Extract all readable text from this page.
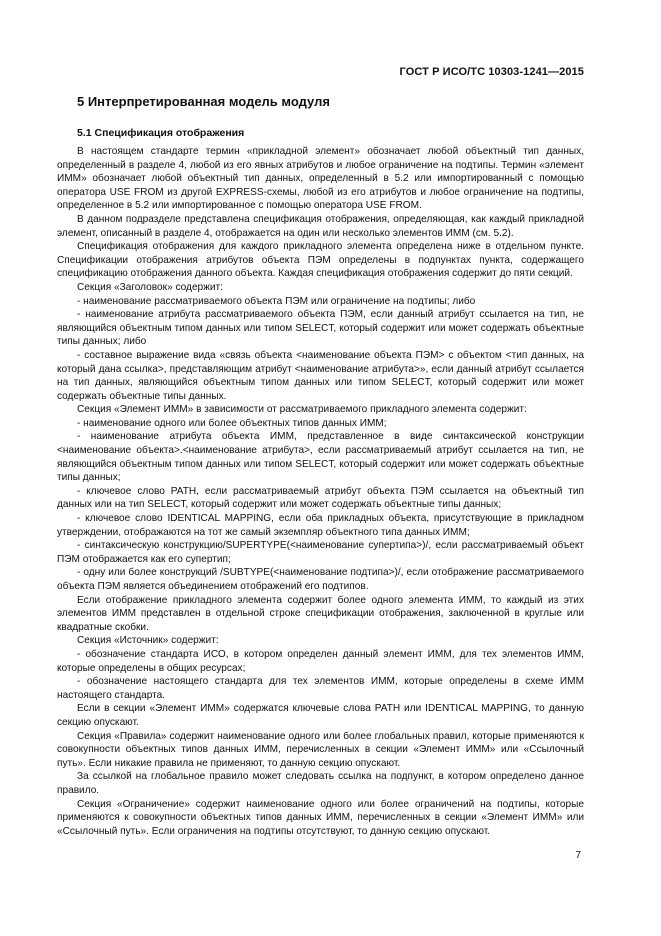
ГОСТ Р ИСО/ТС 10303-1241—2015
5 Интерпретированная модель модуля
5.1 Спецификация отображения

В настоящем стандарте термин «прикладной элемент» обозначает любой объектный тип данных, определенный в разделе 4, любой из его явных атрибутов и любое ограничение на подтипы. Термин «элемент ИММ» обозначает любой объектный тип данных, определенный в 5.2 или импортированный с помощью оператора USE FROM из другой EXPRESS-схемы, любой из его атрибутов и любое ограничение на подтипы, определенное в 5.2 или импортированное с помощью оператора USE FROM.

В данном подразделе представлена спецификация отображения, определяющая, как каждый прикладной элемент, описанный в разделе 4, отображается на один или несколько элементов ИММ (см. 5.2).

Спецификация отображения для каждого прикладного элемента определена ниже в отдельном пункте. Спецификации отображения атрибутов объекта ПЭМ определены в подпунктах пункта, содержащего спецификацию отображения данного объекта. Каждая спецификация отображения содержит до пяти секций.

Секция «Заголовок» содержит:

- наименование рассматриваемого объекта ПЭМ или ограничение на подтипы; либо

- наименование атрибута рассматриваемого объекта ПЭМ, если данный атрибут ссылается на тип, не являющийся объектным типом данных или типом SELECT, который содержит или может содержать объектные типы данных; либо

- составное выражение вида «связь объекта <наименование объекта ПЭМ> с объектом <тип данных, на который дана ссылка>, представляющим атрибут <наименование атрибута>», если данный атрибут ссылается на тип данных, являющийся объектным типом данных или типом SELECT, который содержит или может содержать объектные типы данных.

Секция «Элемент ИММ» в зависимости от рассматриваемого прикладного элемента содержит:

- наименование одного или более объектных типов данных ИММ;

- наименование атрибута объекта ИММ, представленное в виде синтаксической конструкции <наименование объекта>.<наименование атрибута>, если рассматриваемый атрибут ссылается на тип, не являющийся объектным типом данных или типом SELECT, который содержит или может содержать объектные типы данных;

- ключевое слово PATH, если рассматриваемый атрибут объекта ПЭМ ссылается на объектный тип данных или на тип SELECT, который содержит или может содержать объектные типы данных;

- ключевое слово IDENTICAL MAPPING, если оба прикладных объекта, присутствующие в прикладном утверждении, отображаются на тот же самый экземпляр объектного типа данных ИММ;

- синтаксическую конструкцию/SUPERTYPE(<наименование супертипа>)/, если рассматриваемый объект ПЭМ отображается как его супертип;

- одну или более конструкций /SUBTYPE(<наименование подтипа>)/, если отображение рассматриваемого объекта ПЭМ является объединением отображений его подтипов.

Если отображение прикладного элемента содержит более одного элемента ИММ, то каждый из этих элементов ИММ представлен в отдельной строке спецификации отображения, заключенной в круглые или квадратные скобки.

Секция «Источник» содержит:

- обозначение стандарта ИСО, в котором определен данный элемент ИММ, для тех элементов ИММ, которые определены в общих ресурсах;

- обозначение настоящего стандарта для тех элементов ИММ, которые определены в схеме ИММ настоящего стандарта.

Если в секции «Элемент ИММ» содержатся ключевые слова PATH или IDENTICAL MAPPING, то данную секцию опускают.

Секция «Правила» содержит наименование одного или более глобальных правил, которые применяются к совокупности объектных типов данных ИММ, перечисленных в секции «Элемент ИММ» или «Ссылочный путь». Если никакие правила не применяют, то данную секцию опускают.

За ссылкой на глобальное правило может следовать ссылка на подпункт, в котором определено данное правило.

Секция «Ограничение» содержит наименование одного или более ограничений на подтипы, которые применяются к совокупности объектных типов данных ИММ, перечисленных в секции «Элемент ИММ» или «Ссылочный путь». Если ограничения на подтипы отсутствуют, то данную секцию опускают.

7
